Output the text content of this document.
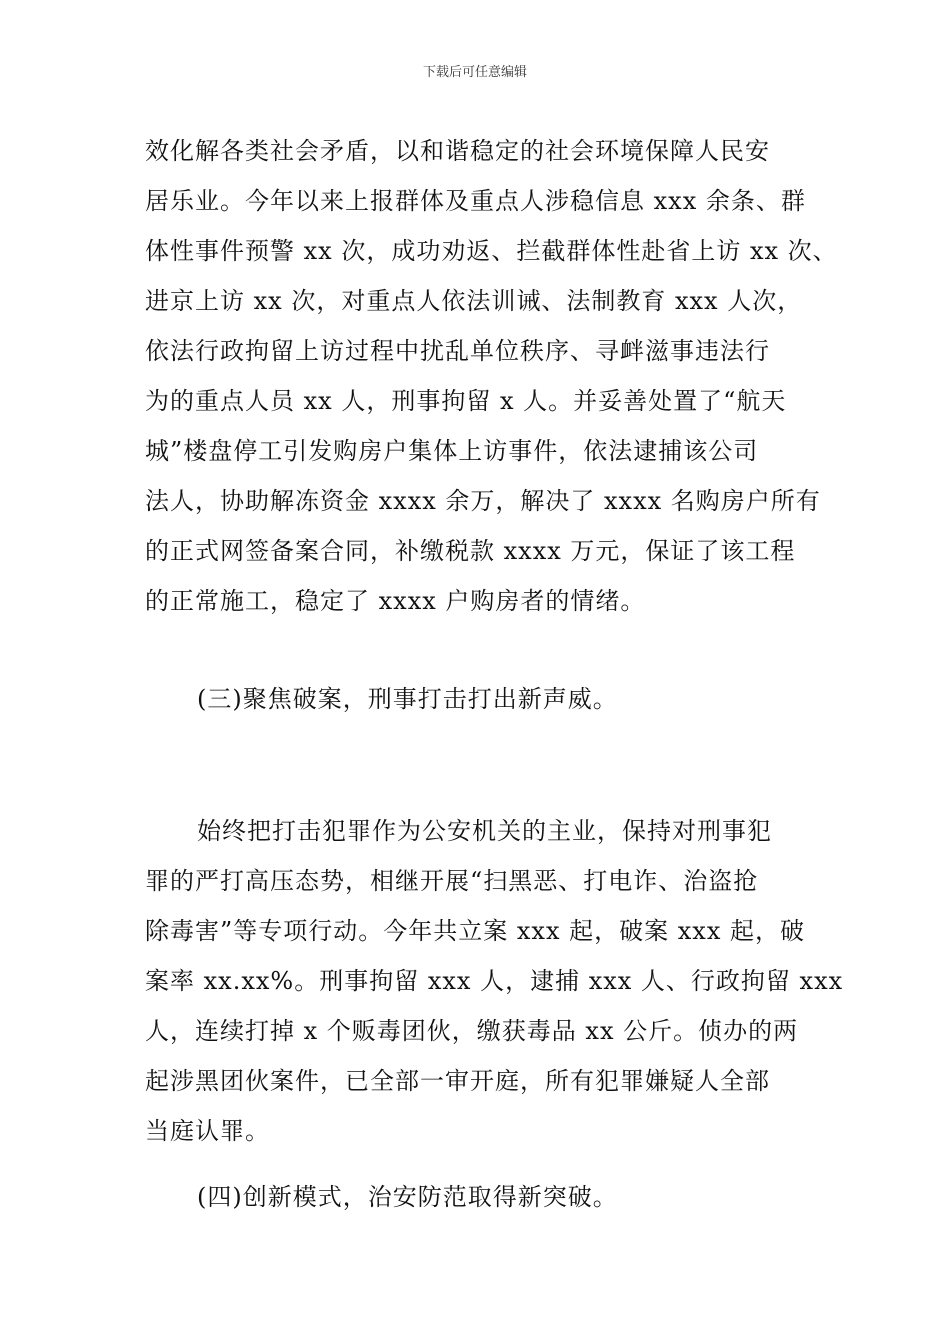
下载后可任意编辑
效化解各类社会矛盾，以和谐稳定的社会环境保障人民安
居乐业。今年以来上报群体及重点人涉稳信息 xxx 余条、群
体性事件预警 xx 次，成功劝返、拦截群体性赴省上访 xx 次、
进京上访 xx 次，对重点人依法训诫、法制教育 xxx 人次，
依法行政拘留上访过程中扰乱单位秩序、寻衅滋事违法行
为的重点人员 xx 人，刑事拘留 x 人。并妥善处置了“航天
城”楼盘停工引发购房户集体上访事件，依法逮捕该公司
法人，协助解冻资金 xxxx 余万，解决了 xxxx 名购房户所有
的正式网签备案合同，补缴税款 xxxx 万元，保证了该工程
的正常施工，稳定了 xxxx 户购房者的情绪。
(三)聚焦破案，刑事打击打出新声威。
始终把打击犯罪作为公安机关的主业，保持对刑事犯
罪的严打高压态势，相继开展“扫黑恶、打电诈、治盗抢
除毒害”等专项行动。今年共立案 xxx 起，破案 xxx 起，破
案率 xx.xx%。刑事拘留 xxx 人，逮捕 xxx 人、行政拘留 xxx
人，连续打掉 x 个贩毒团伙，缴获毒品 xx 公斤。侦办的两
起涉黑团伙案件，已全部一审开庭，所有犯罪嫌疑人全部
当庭认罪。
(四)创新模式，治安防范取得新突破。
